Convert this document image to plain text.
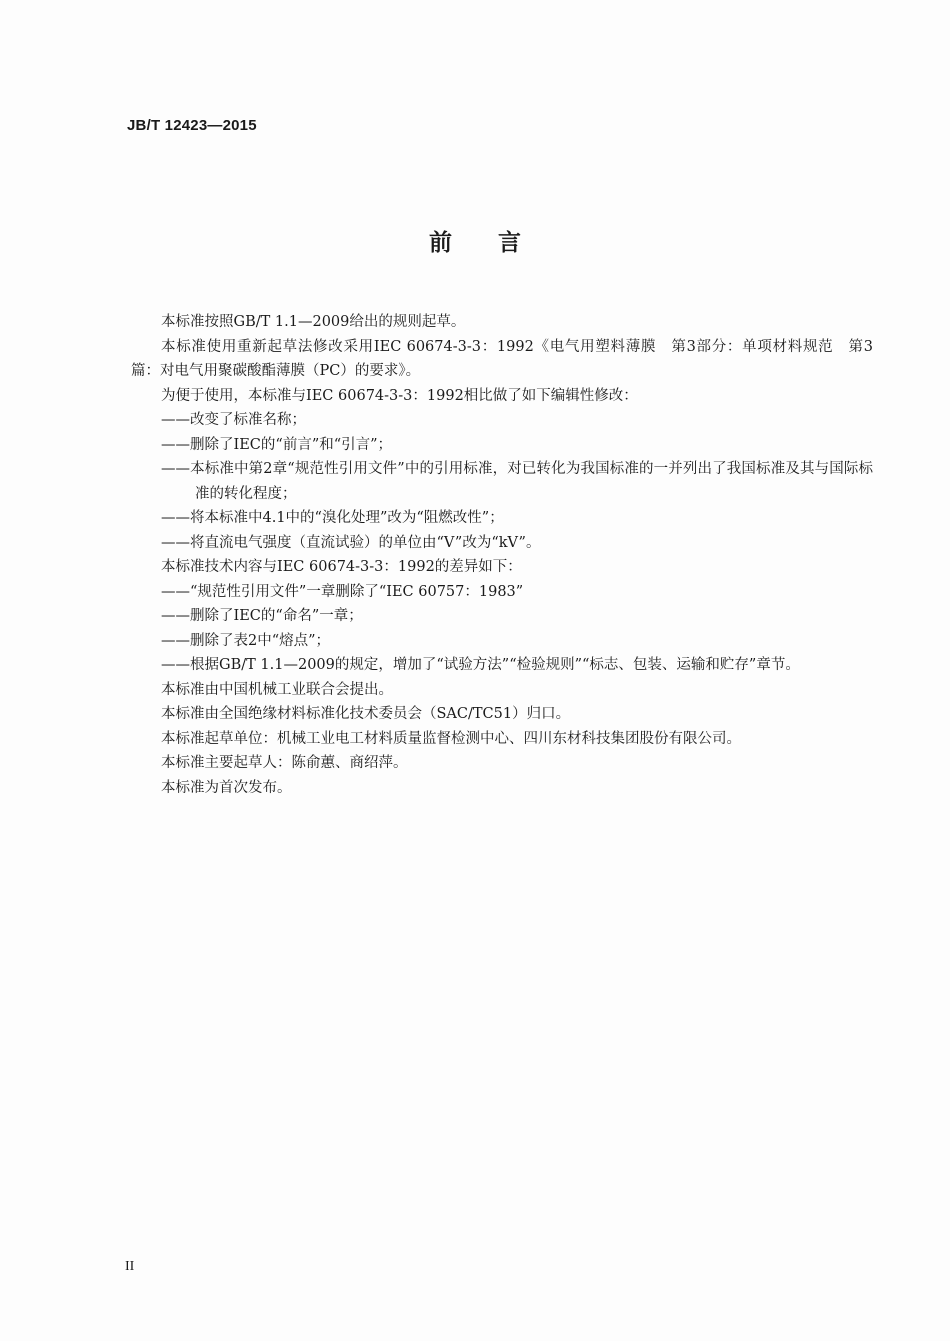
JB/T 12423—2015
前言

本标准按照GB/T 1.1—2009给出的规则起草。

本标准使用重新起草法修改采用IEC 60674-3-3：1992《电气用塑料薄膜　第3部分：单项材料规范　第3篇：对电气用聚碳酸酯薄膜（PC）的要求》。

为便于使用，本标准与IEC 60674-3-3：1992相比做了如下编辑性修改：

——改变了标准名称；

——删除了IEC的“前言”和“引言”；

——本标准中第2章“规范性引用文件”中的引用标准，对已转化为我国标准的一并列出了我国标准及其与国际标准的转化程度；

——将本标准中4.1中的“溴化处理”改为“阻燃改性”；

——将直流电气强度（直流试验）的单位由“V”改为“kV”。

本标准技术内容与IEC 60674-3-3：1992的差异如下：

——“规范性引用文件”一章删除了“IEC 60757：1983”

——删除了IEC的“命名”一章；

——删除了表2中“熔点”；

——根据GB/T 1.1—2009的规定，增加了“试验方法”“检验规则”“标志、包装、运输和贮存”章节。

本标准由中国机械工业联合会提出。

本标准由全国绝缘材料标准化技术委员会（SAC/TC51）归口。

本标准起草单位：机械工业电工材料质量监督检测中心、四川东材科技集团股份有限公司。

本标准主要起草人：陈俞蕙、商绍萍。

本标准为首次发布。

II
